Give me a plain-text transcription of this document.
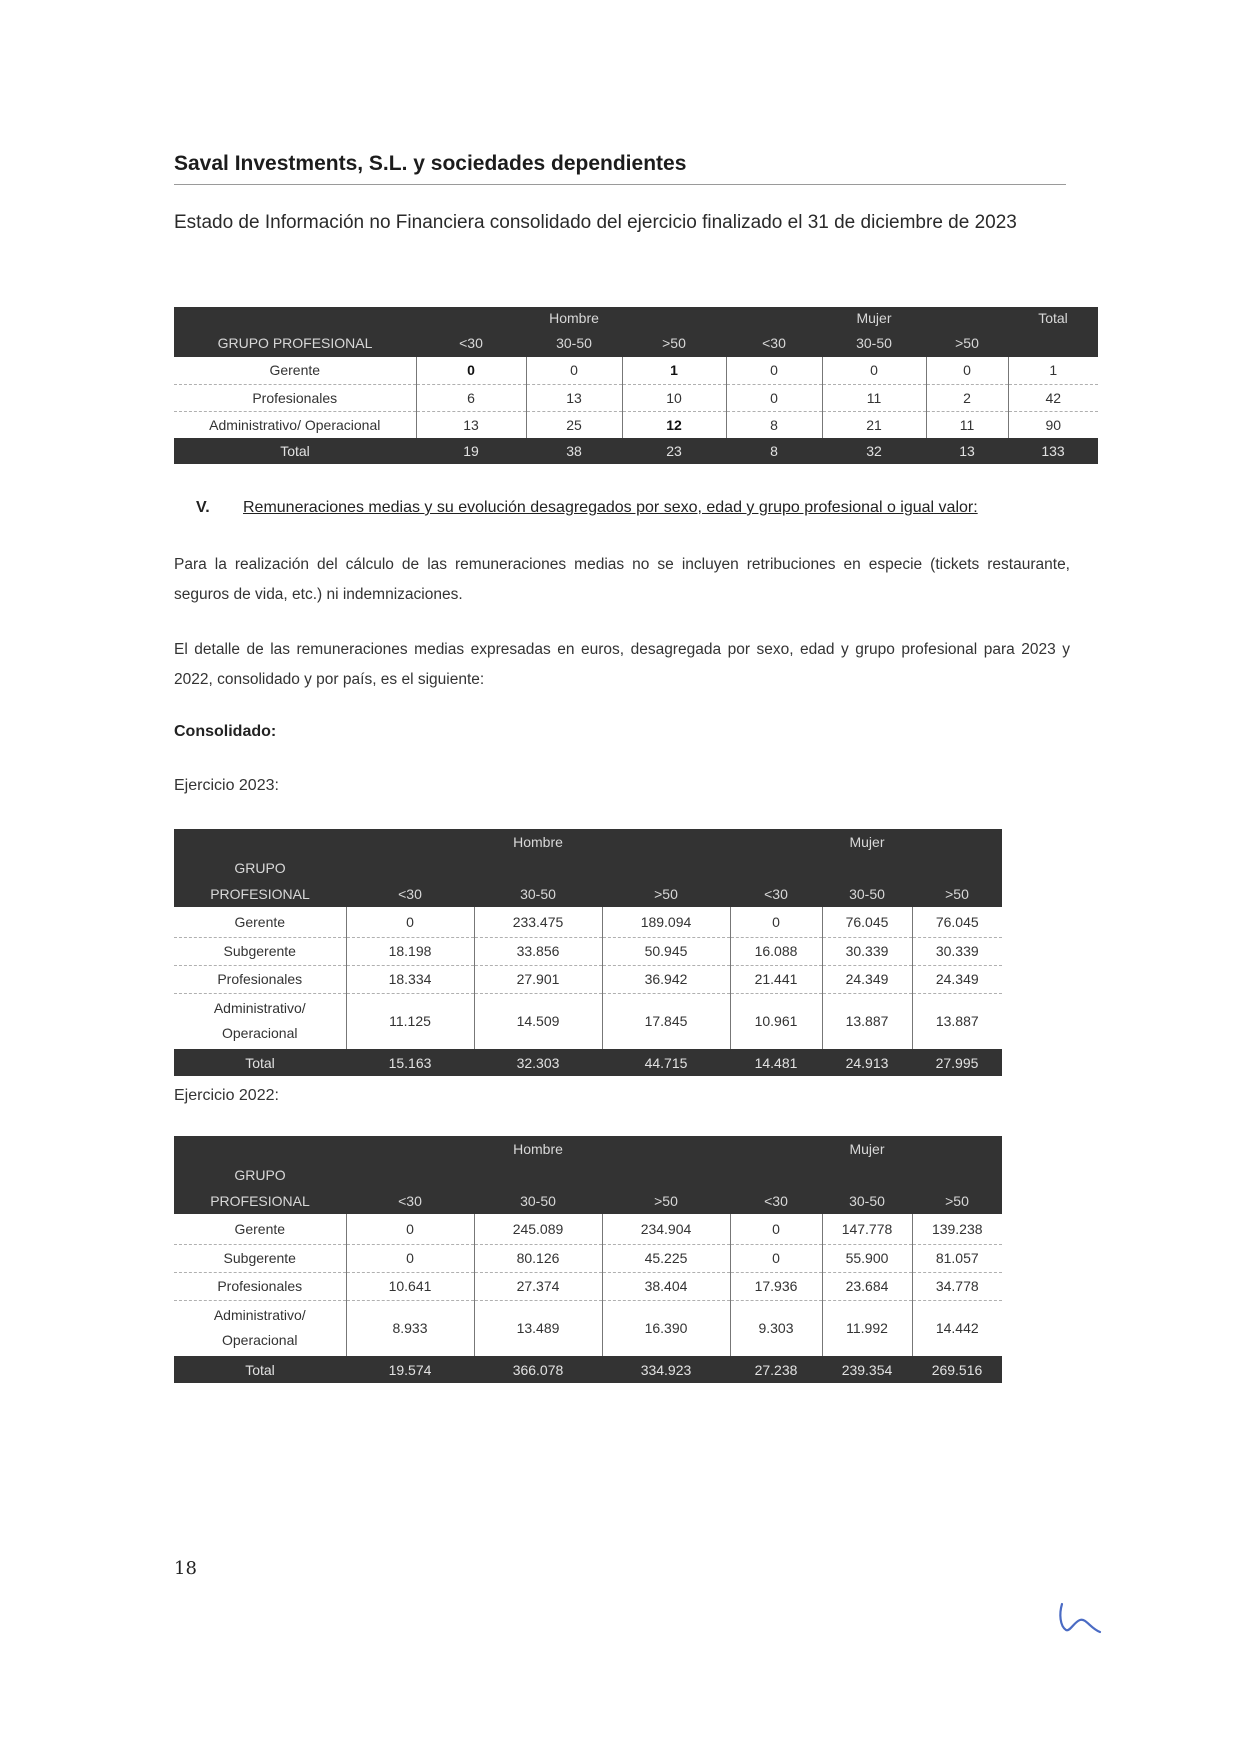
Saval Investments, S.L. y sociedades dependientes
Estado de Información no Financiera consolidado del ejercicio finalizado el 31 de diciembre de 2023
		Hombre			Mujer		Total
GRUPO PROFESIONAL	<30	30-50	>50	<30	30-50	>50	
Gerente	0	0	1	0	0	0	1
Profesionales	6	13	10	0	11	2	42
Administrativo/ Operacional	13	25	12	8	21	11	90
Total	19	38	23	8	32	13	133
V. Remuneraciones medias y su evolución desagregados por sexo, edad y grupo profesional o igual valor:
Para la realización del cálculo de las remuneraciones medias no se incluyen retribuciones en especie (tickets restaurante, seguros de vida, etc.) ni indemnizaciones.
El detalle de las remuneraciones medias expresadas en euros, desagregada por sexo, edad y grupo profesional para 2023 y 2022, consolidado y por país, es el siguiente:
Consolidado:
Ejercicio 2023:
		Hombre			Mujer	
GRUPO						
PROFESIONAL	<30	30-50	>50	<30	30-50	>50
Gerente	0	233.475	189.094	0	76.045	76.045
Subgerente	18.198	33.856	50.945	16.088	30.339	30.339
Profesionales	18.334	27.901	36.942	21.441	24.349	24.349
Administrativo/
Operacional	11.125	14.509	17.845	10.961	13.887	13.887
Total	15.163	32.303	44.715	14.481	24.913	27.995
Ejercicio 2022:
		Hombre			Mujer	
GRUPO						
PROFESIONAL	<30	30-50	>50	<30	30-50	>50
Gerente	0	245.089	234.904	0	147.778	139.238
Subgerente	0	80.126	45.225	0	55.900	81.057
Profesionales	10.641	27.374	38.404	17.936	23.684	34.778
Administrativo/
Operacional	8.933	13.489	16.390	9.303	11.992	14.442
Total	19.574	366.078	334.923	27.238	239.354	269.516
18
